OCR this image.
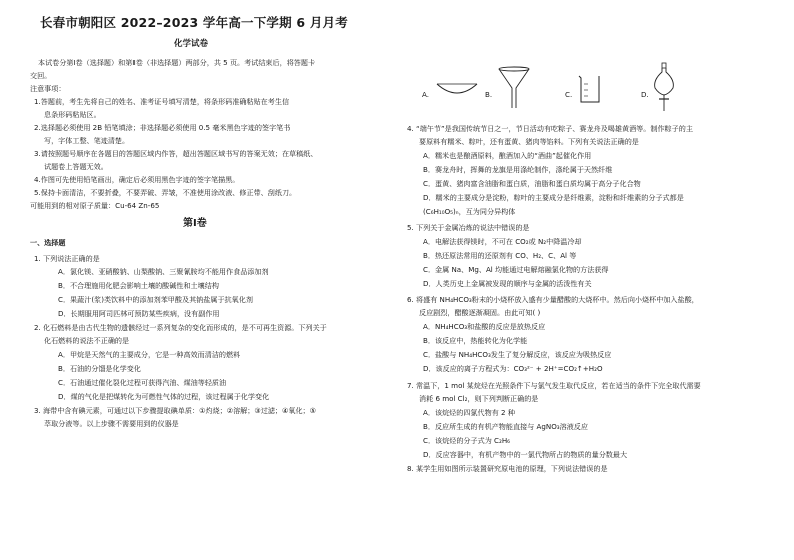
长春市朝阳区 2022–2023 学年高一下学期 6 月月考
化学试卷
本试卷分第Ⅰ卷（选择题）和第Ⅱ卷（非选择题）两部分，共 5 页。考试结束后，将答题卡
交回。
注意事项：
1.答题前，考生先将自己的姓名、准考证号填写清楚，将条形码准确粘贴在考生信
息条形码粘贴区。
2.选择题必须使用 2B 铅笔填涂；非选择题必须使用 0.5 毫米黑色字迹的签字笔书
写，字体工整、笔迹清楚。
3.请按照题号顺序在各题目的答题区域内作答，超出答题区域书写的答案无效；在草稿纸、
试题卷上答题无效。
4.作图可先使用铅笔画出，确定后必须用黑色字迹的签字笔描黑。
5.保持卡面清洁，不要折叠，不要弄破、弄皱，不准使用涂改液、修正带、刮纸刀。
可能用到的相对原子质量：Cu-64 Zn-65
第Ⅰ卷
一、选择题
1. 下列说法正确的是
A．氯化镁、亚硝酸钠、山梨酸钠、三聚氰胺均不能用作食品添加剂
B．不合理施用化肥会影响土壤的酸碱性和土壤结构
C．果蔬汁(浆)类饮料中的添加剂苯甲酸及其钠盐属于抗氧化剂
D．长期服用阿司匹林可预防某些疾病，没有副作用
2. 化石燃料是由古代生物的遗骸经过一系列复杂的变化而形成的，是不可再生资源。下列关于
化石燃料的说法不正确的是
A．甲烷是天然气的主要成分，它是一种高效而清洁的燃料
B．石油的分馏是化学变化
C．石油通过催化裂化过程可获得汽油、煤油等轻质油
D．煤的气化是把煤转化为可燃性气体的过程，该过程属于化学变化
3. 海带中含有碘元素，可通过以下步骤提取碘单质：①灼烧；②溶解；③过滤；④氧化；⑤
萃取分液等。以上步骤不需要用到的仪器是
A.	B.	C.	D.
4. “端午节”是我国传统节日之一，节日活动有吃粽子、赛龙舟及喝雄黄酒等。制作粽子的主
要原料有糯米、粽叶，还有蛋黄、猪肉等馅料。下列有关说法正确的是
A．糯米也是酿酒原料，酿酒加入的“酒曲”起催化作用
B．赛龙舟时，挥舞的龙旗是用涤纶制作，涤纶属于天然纤维
C．蛋黄、猪肉富含油脂和蛋白质，油脂和蛋白质均属于高分子化合物
D．糯米的主要成分是淀粉，粽叶的主要成分是纤维素，淀粉和纤维素的分子式都是
(C₆H₁₀O₅)ₙ，互为同分异构体
5. 下列关于金属冶炼的说法中错误的是
A．电解法获得镁时，不可在 CO₂或 N₂中降温冷却
B．热还原法常用的还原剂有 CO、H₂、C、Al 等
C．金属 Na、Mg、Al 均能通过电解熔融氯化物的方法获得
D．人类历史上金属被发现的顺序与金属的活泼性有关
6. 将盛有 NH₄HCO₃粉末的小烧杯放入盛有少量醋酸的大烧杯中。然后向小烧杯中加入盐酸，
反应剧烈，醋酸逐渐凝固。由此可知( )
A．NH₄HCO₃和盐酸的反应是放热反应
B．该反应中，热能转化为化学能
C．盐酸与 NH₄HCO₃发生了复分解反应，该反应为吸热反应
D．该反应的离子方程式为：CO₃²⁻ + 2H⁺=CO₂↑+H₂O
7. 常温下，1 mol 某烷烃在光照条件下与氯气发生取代反应，若在适当的条件下完全取代需要
消耗 6 mol Cl₂，则下列判断正确的是
A．该烷烃的四氯代物有 2 种
B．反应所生成的有机产物能直接与 AgNO₃溶液反应
C．该烷烃的分子式为 C₂H₆
D．反应容器中，有机产物中的一氯代物所占的物质的量分数最大
8. 某学生用如图所示装置研究原电池的原理，下列说法错误的是
